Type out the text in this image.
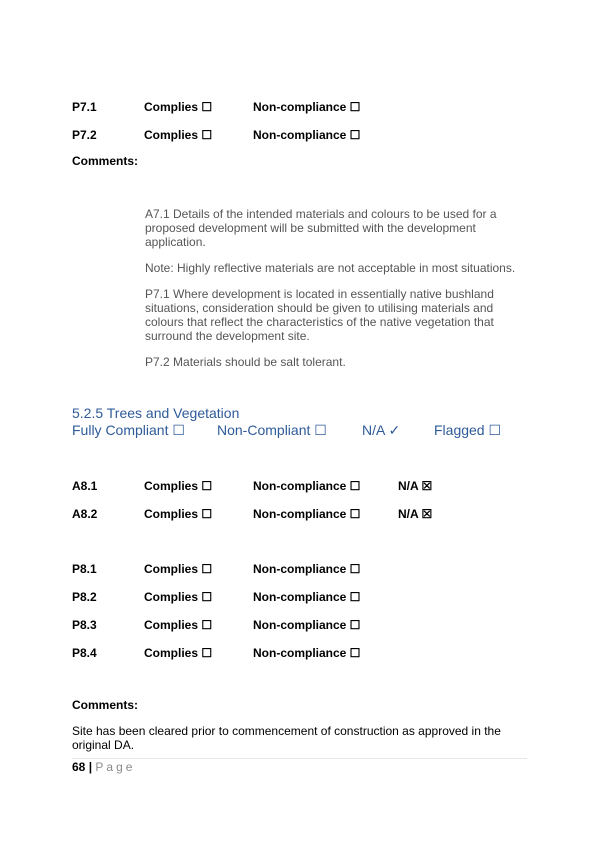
P7.1	Complies ☐	Non-compliance ☐
P7.2	Complies ☐	Non-compliance ☐
Comments:

A7.1 Details of the intended materials and colours to be used for a proposed development will be submitted with the development application.

Note: Highly reflective materials are not acceptable in most situations.

P7.1 Where development is located in essentially native bushland situations, consideration should be given to utilising materials and colours that reflect the characteristics of the native vegetation that surround the development site.

P7.2 Materials should be salt tolerant.

5.2.5 Trees and Vegetation
Fully Compliant ☐ Non-Compliant ☐	N/A ✓ Flagged ☐
A8.1	Complies ☐	Non-compliance ☐	N/A ☒
A8.2	Complies ☐	Non-compliance ☐	N/A ☒
P8.1	Complies ☐	Non-compliance ☐
P8.2	Complies ☐	Non-compliance ☐
P8.3	Complies ☐	Non-compliance ☐
P8.4	Complies ☐	Non-compliance ☐
Comments:
Site has been cleared prior to commencement of construction as approved in the original DA.
68 | Page
